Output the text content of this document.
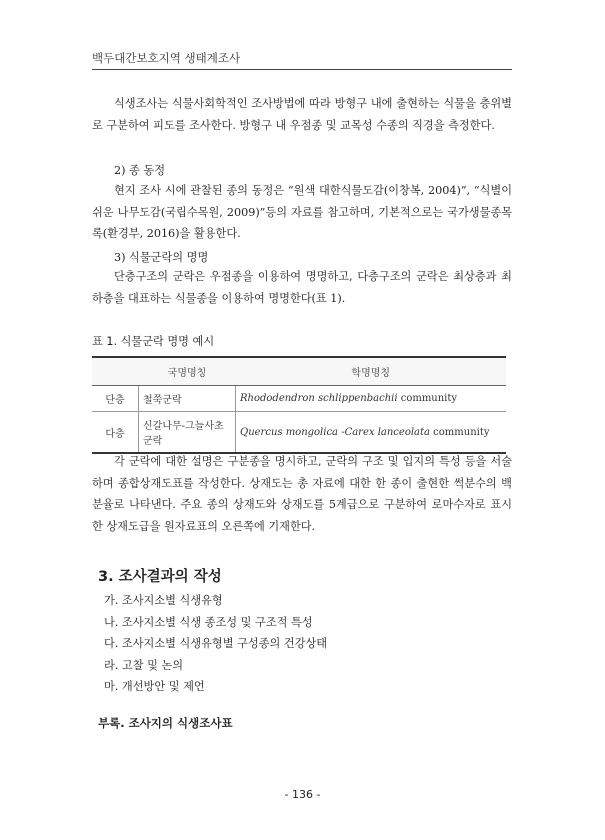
백두대간보호지역 생태계조사
식생조사는 식물사회학적인 조사방법에 따라 방형구 내에 출현하는 식물을 층위별로 구분하여 피도를 조사한다. 방형구 내 우점종 및 교목성 수종의 직경을 측정한다.
2) 종 동정
현지 조사 시에 관찰된 종의 동정은 “원색 대한식물도감(이창복, 2004)”, “식별이 쉬운 나무도감(국립수목원, 2009)”등의 자료를 참고하며, 기본적으로는 국가생물종목록(환경부, 2016)을 활용한다.
3) 식물군락의 명명
단층구조의 군락은 우점종을 이용하여 명명하고, 다층구조의 군락은 최상층과 최하층을 대표하는 식물종을 이용하여 명명한다(표 1).
표 1. 식물군락 명명 예시
	국명명칭	학명명칭
단층	철쭉군락	Rhododendron schlippenbachii community
다층	신갈나무-그늘사초군락	Quercus mongolica -Carex lanceolata community
각 군락에 대한 설명은 구분종을 명시하고, 군락의 구조 및 입지의 특성 등을 서술하며 종합상재도표를 작성한다. 상재도는 총 자료에 대한 한 종이 출현한 썩분수의 백분율로 나타낸다. 주요 종의 상재도와 상재도를 5계급으로 구분하여 로마수자로 표시한 상재도급을 원자료표의 오른쪽에 기재한다.
3. 조사결과의 작성
가. 조사지소별 식생유형
나. 조사지소별 식생 종조성 및 구조적 특성
다. 조사지소별 식생유형별 구성종의 건강상태
라. 고찰 및 논의
마. 개선방안 및 제언
부록. 조사지의 식생조사표
- 136 -
